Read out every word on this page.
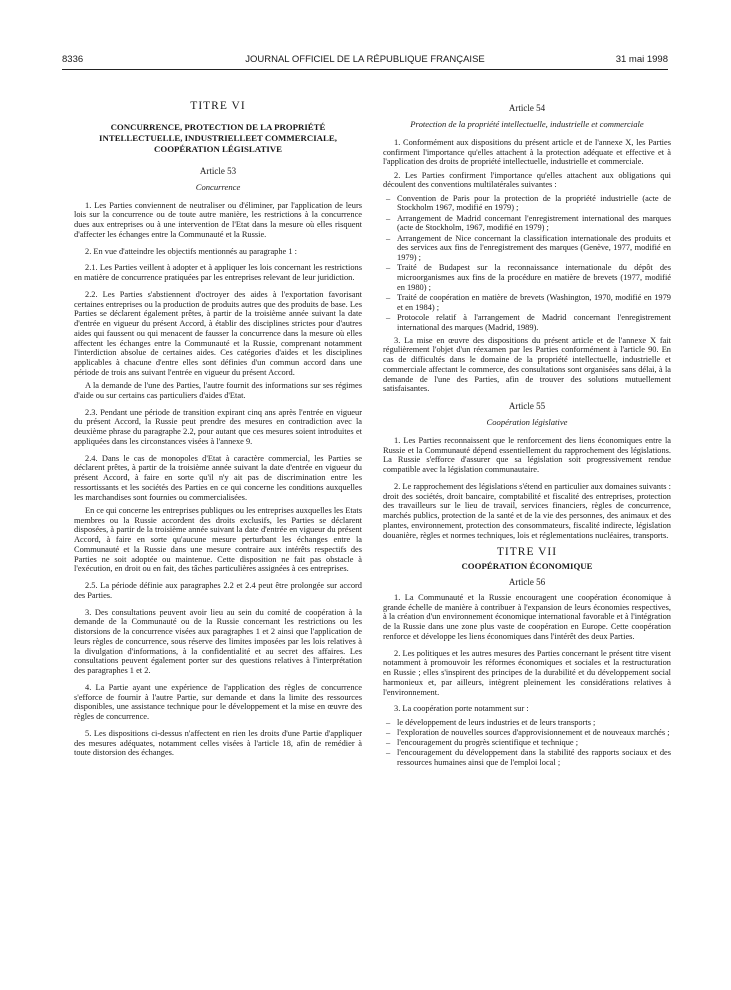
8336	JOURNAL OFFICIEL DE LA RÉPUBLIQUE FRANÇAISE	31 mai 1998
TITRE VI
CONCURRENCE, PROTECTION DE LA PROPRIÉTÉ INTELLECTUELLE, INDUSTRIELLEET COMMERCIALE, COOPÉRATION LÉGISLATIVE
Article 53
Concurrence

1. Les Parties conviennent de neutraliser ou d'éliminer, par l'application de leurs lois sur la concurrence ou de toute autre manière, les restrictions à la concurrence dues aux entreprises ou à une intervention de l'Etat dans la mesure où elles risquent d'affecter les échanges entre la Communauté et la Russie.

2. En vue d'atteindre les objectifs mentionnés au paragraphe 1 :

2.1. Les Parties veillent à adopter et à appliquer les lois concernant les restrictions en matière de concurrence pratiquées par les entreprises relevant de leur juridiction.

2.2. Les Parties s'abstiennent d'octroyer des aides à l'exportation favorisant certaines entreprises ou la production de produits autres que des produits de base. Les Parties se déclarent également prêtes, à partir de la troisième année suivant la date d'entrée en vigueur du présent Accord, à établir des disciplines strictes pour d'autres aides qui faussent ou qui menacent de fausser la concurrence dans la mesure où elles affectent les échanges entre la Communauté et la Russie, comprenant notamment l'interdiction absolue de certaines aides. Ces catégories d'aides et les disciplines applicables à chacune d'entre elles sont définies d'un commun accord dans une période de trois ans suivant l'entrée en vigueur du présent Accord.

A la demande de l'une des Parties, l'autre fournit des informations sur ses régimes d'aide ou sur certains cas particuliers d'aides d'Etat.

2.3. Pendant une période de transition expirant cinq ans après l'entrée en vigueur du présent Accord, la Russie peut prendre des mesures en contradiction avec la deuxième phrase du paragraphe 2.2, pour autant que ces mesures soient introduites et appliquées dans les circonstances visées à l'annexe 9.

2.4. Dans le cas de monopoles d'Etat à caractère commercial, les Parties se déclarent prêtes, à partir de la troisième année suivant la date d'entrée en vigueur du présent Accord, à faire en sorte qu'il n'y ait pas de discrimination entre les ressortissants et les sociétés des Parties en ce qui concerne les conditions auxquelles les marchandises sont fournies ou commercialisées.

En ce qui concerne les entreprises publiques ou les entreprises auxquelles les Etats membres ou la Russie accordent des droits exclusifs, les Parties se déclarent disposées, à partir de la troisième année suivant la date d'entrée en vigueur du présent Accord, à faire en sorte qu'aucune mesure perturbant les échanges entre la Communauté et la Russie dans une mesure contraire aux intérêts respectifs des Parties ne soit adoptée ou maintenue. Cette disposition ne fait pas obstacle à l'exécution, en droit ou en fait, des tâches particulières assignées à ces entreprises.

2.5. La période définie aux paragraphes 2.2 et 2.4 peut être prolongée sur accord des Parties.

3. Des consultations peuvent avoir lieu au sein du comité de coopération à la demande de la Communauté ou de la Russie concernant les restrictions ou les distorsions de la concurrence visées aux paragraphes 1 et 2 ainsi que l'application de leurs règles de concurrence, sous réserve des limites imposées par les lois relatives à la divulgation d'informations, à la confidentialité et au secret des affaires. Les consultations peuvent également porter sur des questions relatives à l'interprétation des paragraphes 1 et 2.

4. La Partie ayant une expérience de l'application des règles de concurrence s'efforce de fournir à l'autre Partie, sur demande et dans la limite des ressources disponibles, une assistance technique pour le développement et la mise en œuvre des règles de concurrence.

5. Les dispositions ci-dessus n'affectent en rien les droits d'une Partie d'appliquer des mesures adéquates, notamment celles visées à l'article 18, afin de remédier à toute distorsion des échanges.

Article 54
Protection de la propriété intellectuelle, industrielle et commerciale

1. Conformément aux dispositions du présent article et de l'annexe X, les Parties confirment l'importance qu'elles attachent à la protection adéquate et effective et à l'application des droits de propriété intellectuelle, industrielle et commerciale.

2. Les Parties confirment l'importance qu'elles attachent aux obligations qui découlent des conventions multilatérales suivantes :

– Convention de Paris pour la protection de la propriété industrielle (acte de Stockholm 1967, modifié en 1979) ;
– Arrangement de Madrid concernant l'enregistrement international des marques (acte de Stockholm, 1967, modifié en 1979) ;
– Arrangement de Nice concernant la classification internationale des produits et des services aux fins de l'enregistrement des marques (Genève, 1977, modifié en 1979) ;
– Traité de Budapest sur la reconnaissance internationale du dépôt des microorganismes aux fins de la procédure en matière de brevets (1977, modifié en 1980) ;
– Traité de coopération en matière de brevets (Washington, 1970, modifié en 1979 et en 1984) ;
– Protocole relatif à l'arrangement de Madrid concernant l'enregistrement international des marques (Madrid, 1989).

3. La mise en œuvre des dispositions du présent article et de l'annexe X fait régulièrement l'objet d'un réexamen par les Parties conformément à l'article 90. En cas de difficultés dans le domaine de la propriété intellectuelle, industrielle et commerciale affectant le commerce, des consultations sont organisées sans délai, à la demande de l'une des Parties, afin de trouver des solutions mutuellement satisfaisantes.

Article 55
Coopération législative

1. Les Parties reconnaissent que le renforcement des liens économiques entre la Russie et la Communauté dépend essentiellement du rapprochement des législations. La Russie s'efforce d'assurer que sa législation soit progressivement rendue compatible avec la législation communautaire.

2. Le rapprochement des législations s'étend en particulier aux domaines suivants : droit des sociétés, droit bancaire, comptabilité et fiscalité des entreprises, protection des travailleurs sur le lieu de travail, services financiers, règles de concurrence, marchés publics, protection de la santé et de la vie des personnes, des animaux et des plantes, environnement, protection des consommateurs, fiscalité indirecte, législation douanière, règles et normes techniques, lois et réglementations nucléaires, transports.

TITRE VII
COOPÉRATION ÉCONOMIQUE
Article 56

1. La Communauté et la Russie encouragent une coopération économique à grande échelle de manière à contribuer à l'expansion de leurs économies respectives, à la création d'un environnement économique international favorable et à l'intégration de la Russie dans une zone plus vaste de coopération en Europe. Cette coopération renforce et développe les liens économiques dans l'intérêt des deux Parties.

2. Les politiques et les autres mesures des Parties concernant le présent titre visent notamment à promouvoir les réformes économiques et sociales et la restructuration en Russie ; elles s'inspirent des principes de la durabilité et du développement social harmonieux et, par ailleurs, intègrent pleinement les considérations relatives à l'environnement.

3. La coopération porte notamment sur :

– le développement de leurs industries et de leurs transports ;
– l'exploration de nouvelles sources d'approvisionnement et de nouveaux marchés ;
– l'encouragement du progrès scientifique et technique ;
– l'encouragement du développement dans la stabilité des rapports sociaux et des ressources humaines ainsi que de l'emploi local ;
